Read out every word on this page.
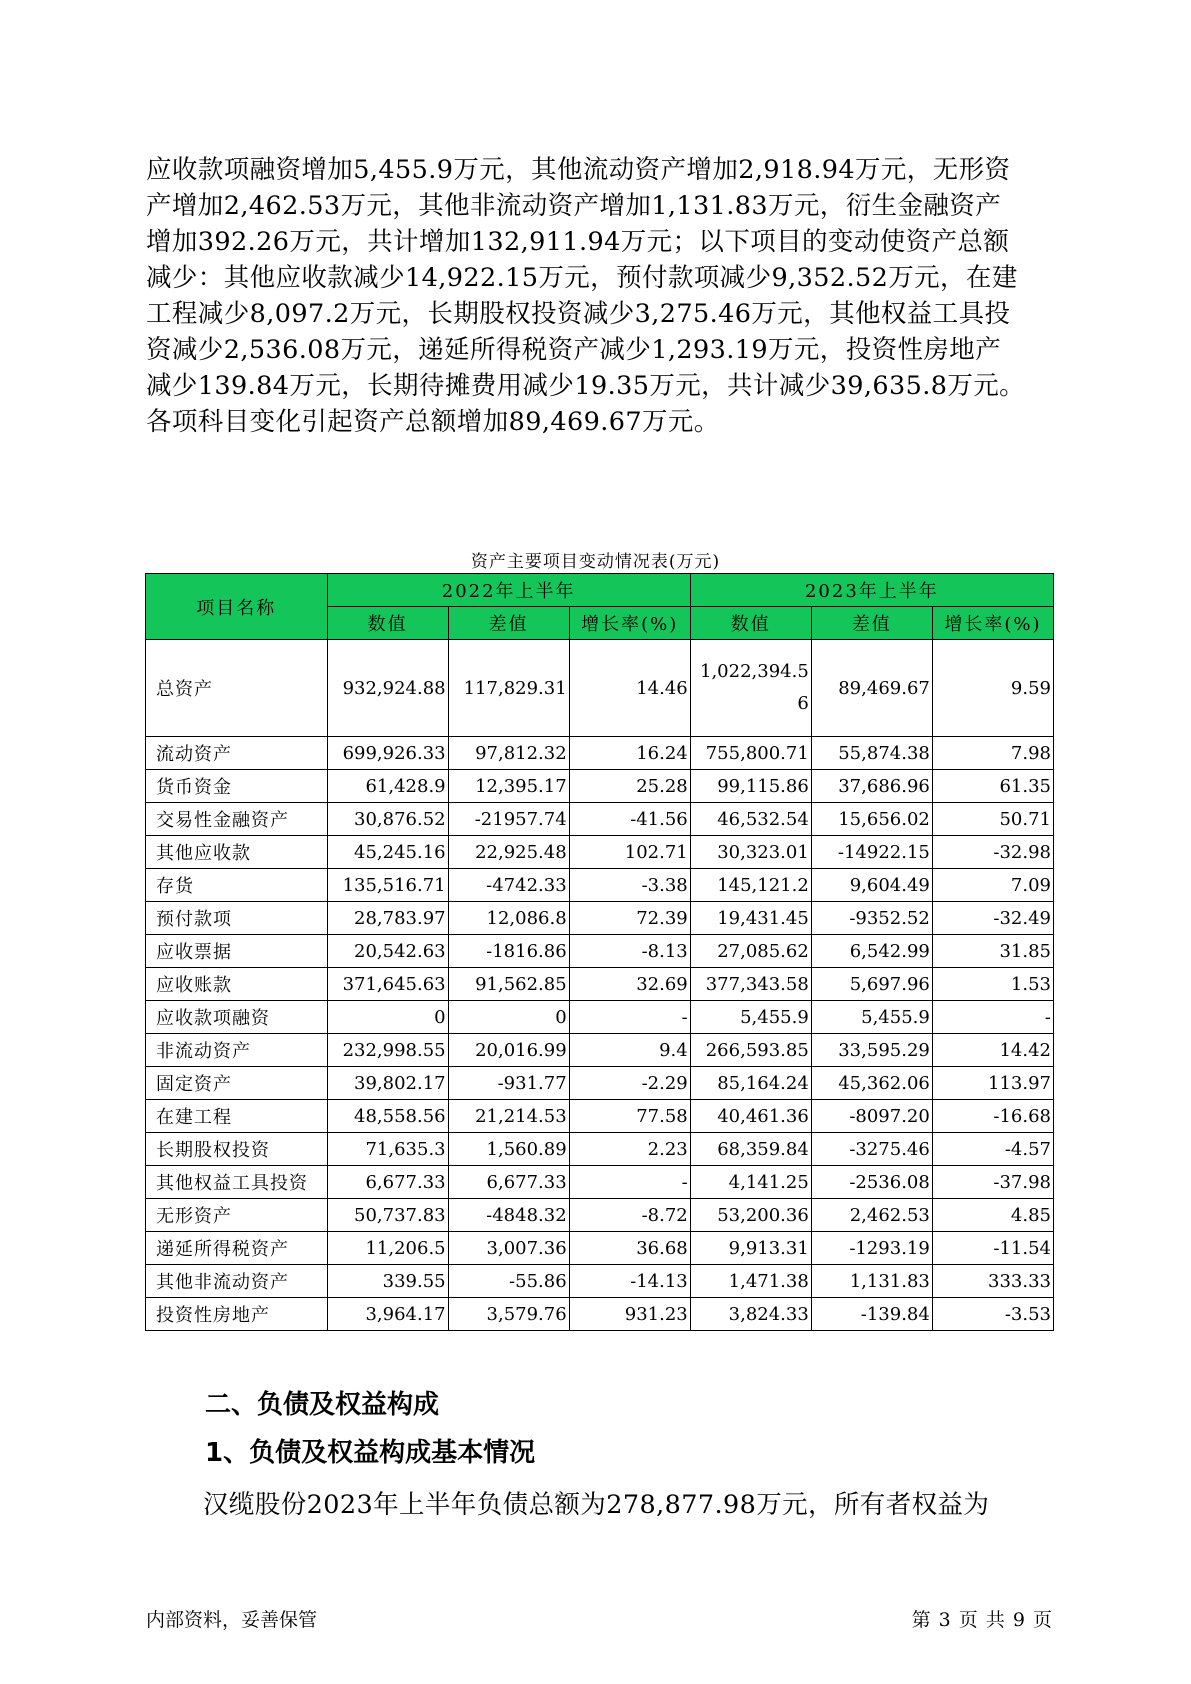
应收款项融资增加5,455.9万元，其他流动资产增加2,918.94万元，无形资
产增加2,462.53万元，其他非流动资产增加1,131.83万元，衍生金融资产
增加392.26万元，共计增加132,911.94万元；以下项目的变动使资产总额
减少：其他应收款减少14,922.15万元，预付款项减少9,352.52万元，在建
工程减少8,097.2万元，长期股权投资减少3,275.46万元，其他权益工具投
资减少2,536.08万元，递延所得税资产减少1,293.19万元，投资性房地产
减少139.84万元，长期待摊费用减少19.35万元，共计减少39,635.8万元。
各项科目变化引起资产总额增加89,469.67万元。
资产主要项目变动情况表(万元)
项目名称	2022年上半年			2023年上半年		
	数值	差值	增长率(%)	数值	差值	增长率(%)
总资产	932,924.88	117,829.31	14.46	1,022,394.56	89,469.67	9.59
流动资产	699,926.33	97,812.32	16.24	755,800.71	55,874.38	7.98
货币资金	61,428.9	12,395.17	25.28	99,115.86	37,686.96	61.35
交易性金融资产	30,876.52	-21957.74	-41.56	46,532.54	15,656.02	50.71
其他应收款	45,245.16	22,925.48	102.71	30,323.01	-14922.15	-32.98
存货	135,516.71	-4742.33	-3.38	145,121.2	9,604.49	7.09
预付款项	28,783.97	12,086.8	72.39	19,431.45	-9352.52	-32.49
应收票据	20,542.63	-1816.86	-8.13	27,085.62	6,542.99	31.85
应收账款	371,645.63	91,562.85	32.69	377,343.58	5,697.96	1.53
应收款项融资	0	0	-	5,455.9	5,455.9	-
非流动资产	232,998.55	20,016.99	9.4	266,593.85	33,595.29	14.42
固定资产	39,802.17	-931.77	-2.29	85,164.24	45,362.06	113.97
在建工程	48,558.56	21,214.53	77.58	40,461.36	-8097.20	-16.68
长期股权投资	71,635.3	1,560.89	2.23	68,359.84	-3275.46	-4.57
其他权益工具投资	6,677.33	6,677.33	-	4,141.25	-2536.08	-37.98
无形资产	50,737.83	-4848.32	-8.72	53,200.36	2,462.53	4.85
递延所得税资产	11,206.5	3,007.36	36.68	9,913.31	-1293.19	-11.54
其他非流动资产	339.55	-55.86	-14.13	1,471.38	1,131.83	333.33
投资性房地产	3,964.17	3,579.76	931.23	3,824.33	-139.84	-3.53
二、负债及权益构成
1、负债及权益构成基本情况
汉缆股份2023年上半年负债总额为278,877.98万元，所有者权益为
内部资料，妥善保管	第 3 页 共 9 页
